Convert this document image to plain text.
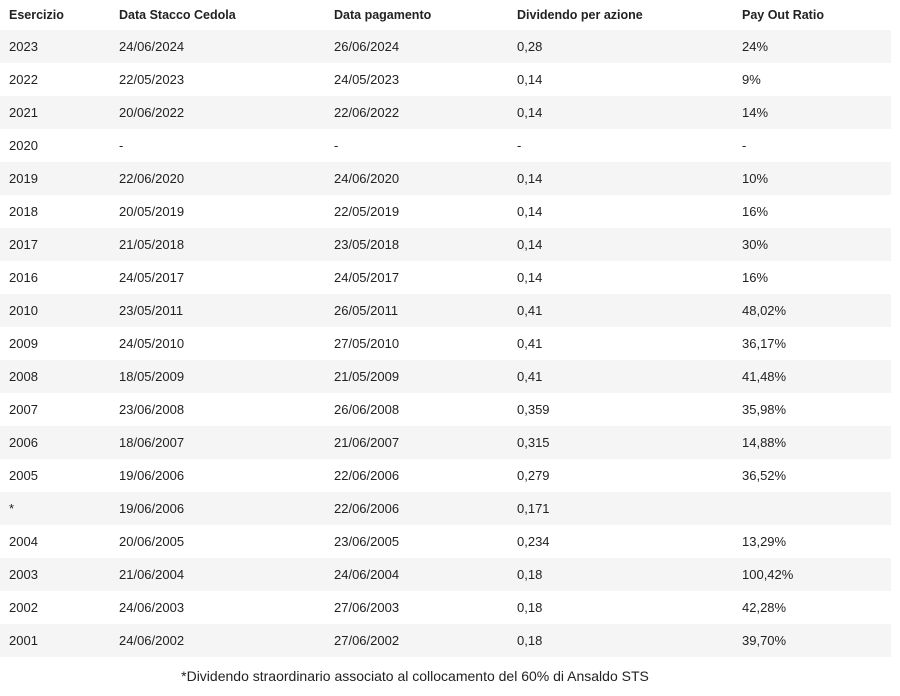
Esercizio	Data Stacco Cedola	Data pagamento	Dividendo per azione	Pay Out Ratio
2023	24/06/2024	26/06/2024	0,28	24%
2022	22/05/2023	24/05/2023	0,14	9%
2021	20/06/2022	22/06/2022	0,14	14%
2020	-	-	-	-
2019	22/06/2020	24/06/2020	0,14	10%
2018	20/05/2019	22/05/2019	0,14	16%
2017	21/05/2018	23/05/2018	0,14	30%
2016	24/05/2017	24/05/2017	0,14	16%
2010	23/05/2011	26/05/2011	0,41	48,02%
2009	24/05/2010	27/05/2010	0,41	36,17%
2008	18/05/2009	21/05/2009	0,41	41,48%
2007	23/06/2008	26/06/2008	0,359	35,98%
2006	18/06/2007	21/06/2007	0,315	14,88%
2005	19/06/2006	22/06/2006	0,279	36,52%
*	19/06/2006	22/06/2006	0,171	
2004	20/06/2005	23/06/2005	0,234	13,29%
2003	21/06/2004	24/06/2004	0,18	100,42%
2002	24/06/2003	27/06/2003	0,18	42,28%
2001	24/06/2002	27/06/2002	0,18	39,70%
*Dividendo straordinario associato al collocamento del 60% di Ansaldo STS
